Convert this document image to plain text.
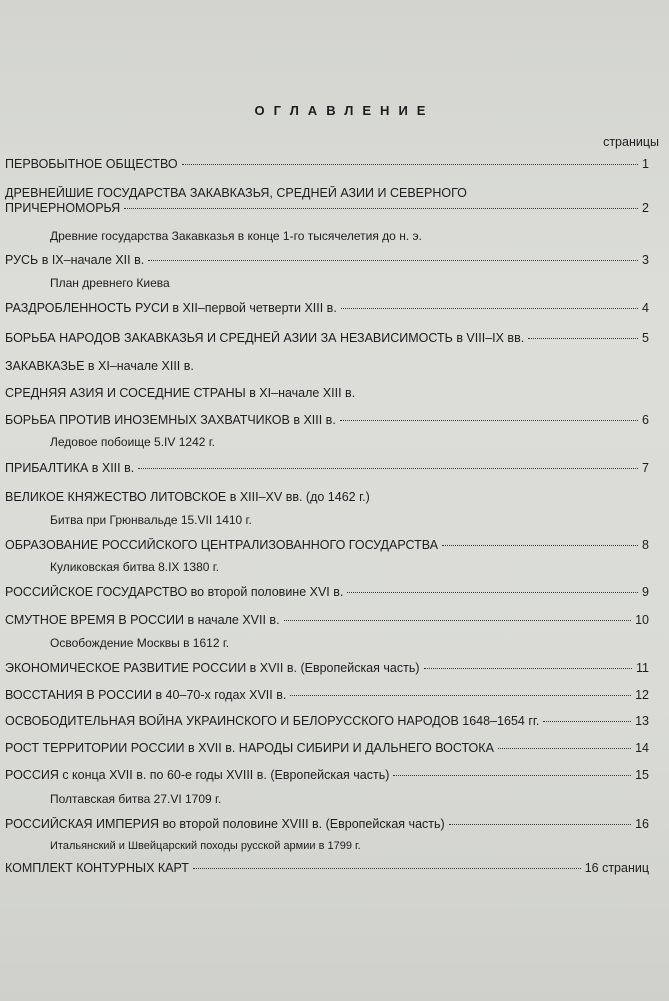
ОГЛАВЛЕНИЕ
страницы
ПЕРВОБЫТНОЕ ОБЩЕСТВО	1
ДРЕВНЕЙШИЕ ГОСУДАРСТВА ЗАКАВКАЗЬЯ, СРЕДНЕЙ АЗИИ И СЕВЕРНОГО
ПРИЧЕРНОМОРЬЯ	2
Древние государства Закавказья в конце 1-го тысячелетия до н. э.
РУСЬ в IX–начале XII в.	3
План древнего Киева
РАЗДРОБЛЕННОСТЬ РУСИ в XII–первой четверти XIII в.	4
БОРЬБА НАРОДОВ ЗАКАВКАЗЬЯ И СРЕДНЕЙ АЗИИ ЗА НЕЗАВИСИМОСТЬ в VIII–IX вв.	5
ЗАКАВКАЗЬЕ в XI–начале XIII в.
СРЕДНЯЯ АЗИЯ И СОСЕДНИЕ СТРАНЫ в XI–начале XIII в.
БОРЬБА ПРОТИВ ИНОЗЕМНЫХ ЗАХВАТЧИКОВ в XIII в.	6
Ледовое побоище 5.IV 1242 г.
ПРИБАЛТИКА в XIII в.	7
ВЕЛИКОЕ КНЯЖЕСТВО ЛИТОВСКОЕ в XIII–XV вв. (до 1462 г.)
Битва при Грюнвальде 15.VII 1410 г.
ОБРАЗОВАНИЕ РОССИЙСКОГО ЦЕНТРАЛИЗОВАННОГО ГОСУДАРСТВА	8
Куликовская битва 8.IX 1380 г.
РОССИЙСКОЕ ГОСУДАРСТВО во второй половине XVI в.	9
СМУТНОЕ ВРЕМЯ В РОССИИ в начале XVII в.	10
Освобождение Москвы в 1612 г.
ЭКОНОМИЧЕСКОЕ РАЗВИТИЕ РОССИИ в XVII в. (Европейская часть)	11
ВОССТАНИЯ В РОССИИ в 40–70-х годах XVII в.	12
ОСВОБОДИТЕЛЬНАЯ ВОЙНА УКРАИНСКОГО И БЕЛОРУССКОГО НАРОДОВ 1648–1654 гг.	13
РОСТ ТЕРРИТОРИИ РОССИИ в XVII в. НАРОДЫ СИБИРИ И ДАЛЬНЕГО ВОСТОКА	14
РОССИЯ с конца XVII в. по 60-е годы XVIII в. (Европейская часть)	15
Полтавская битва 27.VI 1709 г.
РОССИЙСКАЯ ИМПЕРИЯ во второй половине XVIII в. (Европейская часть)	16
Итальянский и Швейцарский походы русской армии в 1799 г.
КОМПЛЕКТ КОНТУРНЫХ КАРТ	16 страниц
